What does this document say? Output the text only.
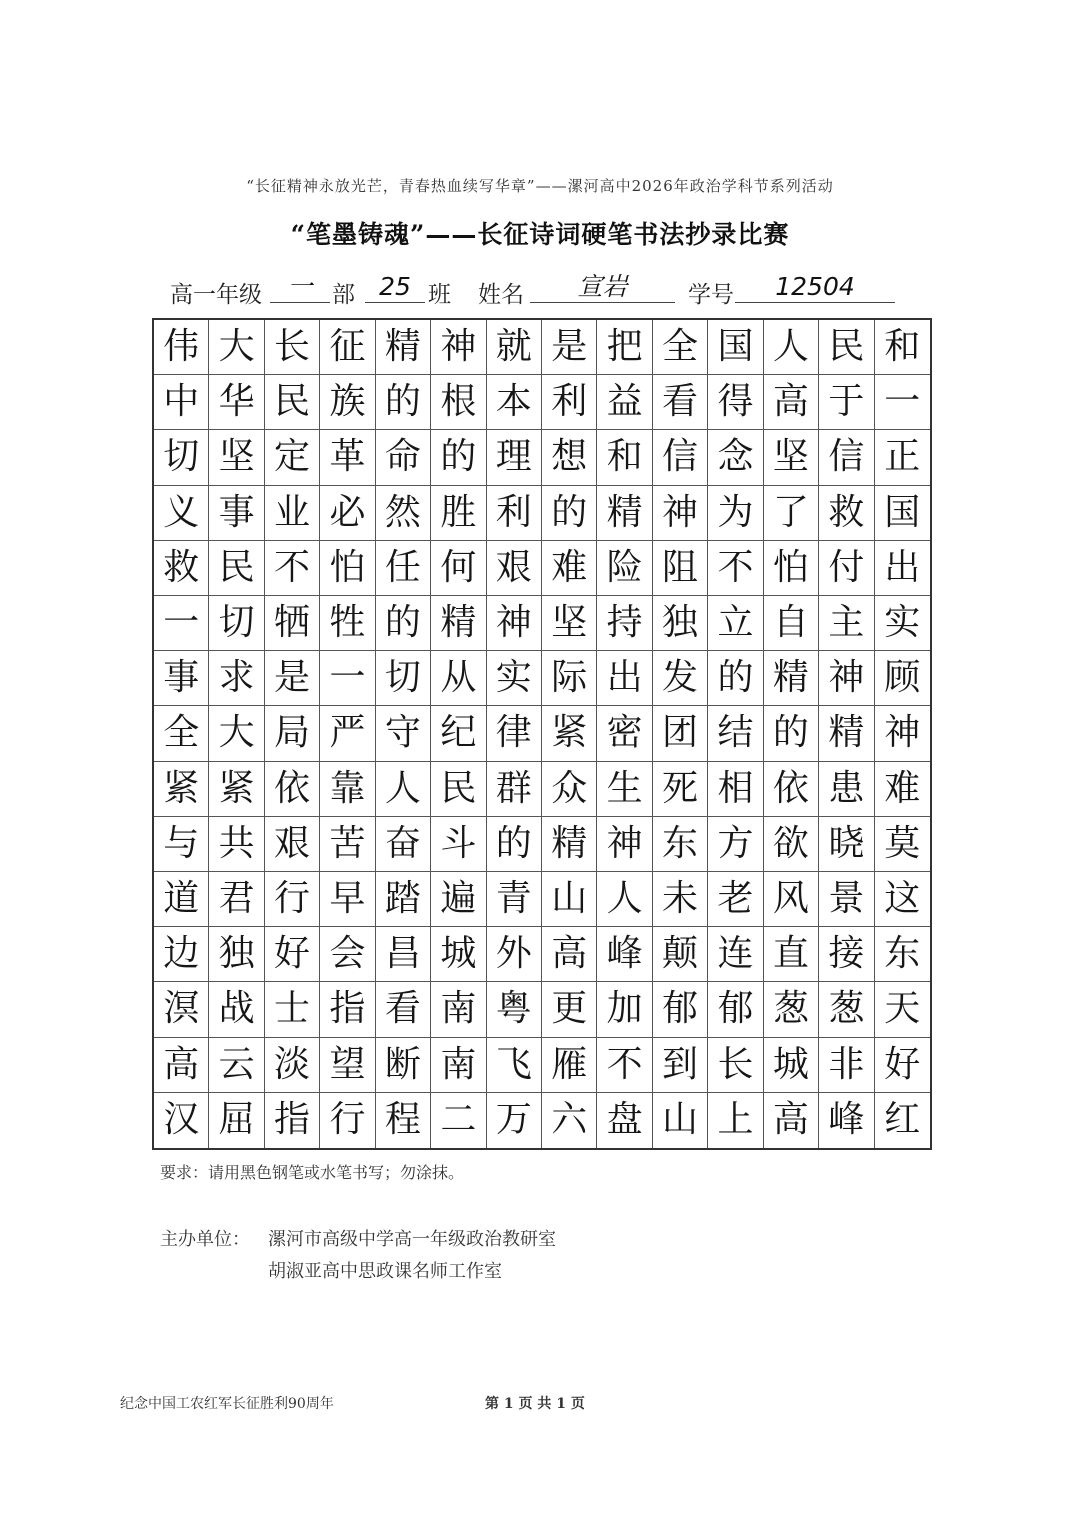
“长征精神永放光芒，青春热血续写华章”——漯河高中2026年政治学科节系列活动
“笔墨铸魂”——长征诗词硬笔书法抄录比赛
高一年级	一 部 25 班 姓名	宣岩	学号	12504
伟 大 长 征 精 神 就 是 把 全 国 人 民 和
中 华 民 族 的 根 本 利 益 看 得 高 于 一
切 坚 定 革 命 的 理 想 和 信 念 坚 信 正
义 事 业 必 然 胜 利 的 精 神 为 了 救 国
救 民 不 怕 任 何 艰 难 险 阻 不 怕 付 出
一 切 牺 牲 的 精 神 坚 持 独 立 自 主 实
事 求 是 一 切 从 实 际 出 发 的 精 神 顾
全 大 局 严 守 纪 律 紧 密 团 结 的 精 神
紧 紧 依 靠 人 民 群 众 生 死 相 依 患 难
与 共 艰 苦 奋 斗 的 精 神 东 方 欲 晓 莫
道 君 行 早 踏 遍 青 山 人 未 老 风 景 这
边 独 好 会 昌 城 外 高 峰 颠 连 直 接 东
溟 战 士 指 看 南 粤 更 加 郁 郁 葱 葱 天
高 云 淡 望 断 南 飞 雁 不 到 长 城 非 好
汉 屈 指 行 程 二 万 六 盘 山 上 高 峰 红
要求：请用黑色钢笔或水笔书写；勿涂抹。
主办单位： 漯河市高级中学高一年级政治教研室
胡淑亚高中思政课名师工作室
纪念中国工农红军长征胜利90周年	第 1 页 共 1 页
